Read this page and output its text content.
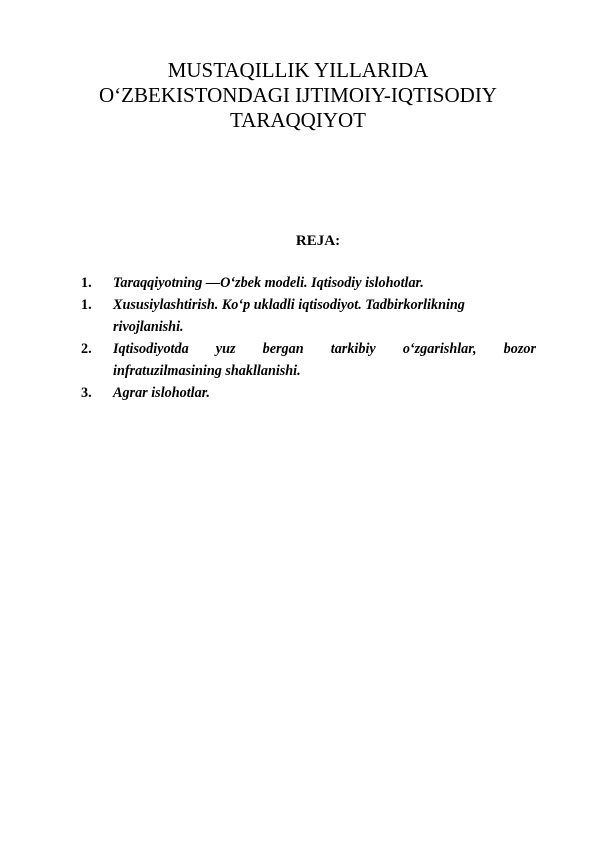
MUSTAQILLIK YILLARIDA
O‘ZBEKISTONDAGI IJTIMOIY-IQTISODIY
TARAQQIYOT
REJA:
1. Taraqqiyotning ―O‘zbek modeli. Iqtisodiy islohotlar.
1. Xususiylashtirish. Ko‘p ukladli iqtisodiyot. Tadbirkorlikning rivojlanishi.
2. Iqtisodiyotda yuz bergan tarkibiy o‘zgarishlar, bozor
infratuzilmasining shakllanishi.
3. Agrar islohotlar.
